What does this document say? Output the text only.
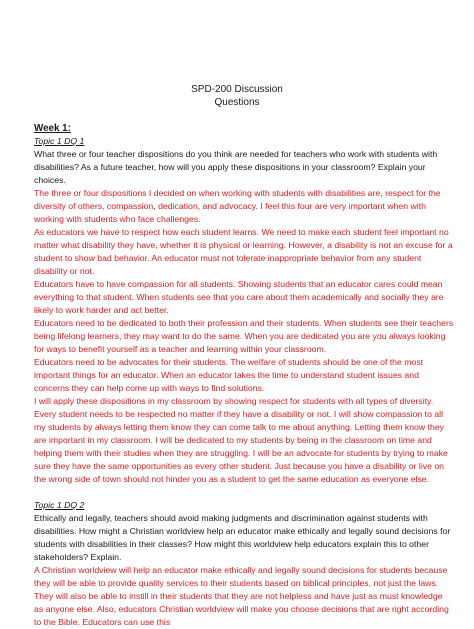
SPD-200 Discussion
Questions

Week 1:

Topic 1 DQ 1

What three or four teacher dispositions do you think are needed for teachers who work with students with disabilities? As a future teacher, how will you apply these dispositions in your classroom? Explain your choices.

The three or four dispositions I decided on when working with students with disabilities are, respect for the diversity of others, compassion, dedication, and advocacy. I feel this four are very important when with working with students who face challenges.

As educators we have to respect how each student learns. We need to make each student feel important no matter what disability they have, whether it is physical or learning. However, a disability is not an excuse for a student to show bad behavior. An educator must not tolerate inappropriate behavior from any student disability or not.

Educators have to have compassion for all students. Showing students that an educator cares could mean everything to that student. When students see that you care about them academically and socially they are likely to work harder and act better.

Educators need to be dedicated to both their profession and their students. When students see their teachers being lifelong learners, they may want to do the same. When you are dedicated you are you always looking for ways to benefit yourself as a teacher and learning within your classroom.

Educators need to be advocates for their students. The welfare of students should be one of the most important things for an educator. When an educator takes the time to understand student issues and concerns they can help come up with ways to find solutions.

I will apply these dispositions in my classroom by showing respect for students with all types of diversity. Every student needs to be respected no matter if they have a disability or not. I will show compassion to all my students by always letting them know they can come talk to me about anything. Letting them know they are important in my classroom. I will be dedicated to my students by being in the classroom on time and helping them with their studies when they are struggling. I will be an advocate for students by trying to make sure they have the same opportunities as every other student. Just because you have a disability or live on the wrong side of town should not hinder you as a student to get the same education as everyone else.

Topic 1 DQ 2

Ethically and legally, teachers should avoid making judgments and discrimination against students with disabilities. How might a Christian worldview help an educator make ethically and legally sound decisions for students with disabilities in their classes? How might this worldview help educators explain this to other stakeholders? Explain.

A Christian worldview will help an educator make ethically and legally sound decisions for students because they will be able to provide quality services to their students based on biblical principles, not just the laws. They will also be able to instill in their students that they are not helpless and have just as must knowledge as anyone else. Also, educators Christian worldview will make you choose decisions that are right according to the Bible. Educators can use this
